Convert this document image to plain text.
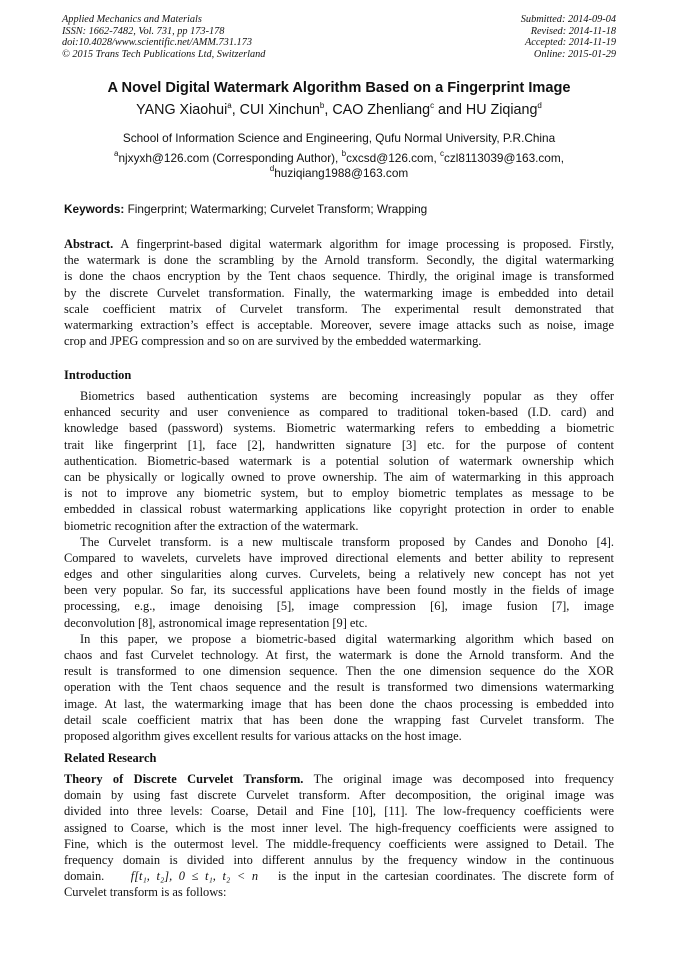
Applied Mechanics and Materials
ISSN: 1662-7482, Vol. 731, pp 173-178
doi:10.4028/www.scientific.net/AMM.731.173
© 2015 Trans Tech Publications Ltd, Switzerland
Submitted: 2014-09-04
Revised: 2014-11-18
Accepted: 2014-11-19
Online: 2015-01-29
A Novel Digital Watermark Algorithm Based on a Fingerprint Image
YANG Xiaohui$^a$, CUI Xinchun$^b$, CAO Zhenliang$^c$ and HU Ziqiang$^d$
School of Information Science and Engineering, Qufu Normal University, P.R.China
$^a$njxyxh@126.com (Corresponding Author), $^b$cxcsd@126.com, $^c$czl8113039@163.com,
$^d$huziqiang1988@163.com
Keywords: Fingerprint; Watermarking; Curvelet Transform; Wrapping
Abstract. A fingerprint-based digital watermark algorithm for image processing is proposed. Firstly,
the watermark is done the scrambling by the Arnold transform. Secondly, the digital watermarking
is done the chaos encryption by the Tent chaos sequence. Thirdly, the original image is transformed
by the discrete Curvelet transformation. Finally, the watermarking image is embedded into detail
scale coefficient matrix of Curvelet transform. The experimental result demonstrated that
watermarking extraction’s effect is acceptable. Moreover, severe image attacks such as noise, image
crop and JPEG compression and so on are survived by the embedded watermarking.
Introduction
Biometrics based authentication systems are becoming increasingly popular as they offer
enhanced security and user convenience as compared to traditional token-based (I.D. card) and
knowledge based (password) systems. Biometric watermarking refers to embedding a biometric
trait like fingerprint [1], face [2], handwritten signature [3] etc. for the purpose of content
authentication. Biometric-based watermark is a potential solution of watermark ownership which
can be physically or logically owned to prove ownership. The aim of watermarking in this approach
is not to improve any biometric system, but to employ biometric templates as message to be
embedded in classical robust watermarking applications like copyright protection in order to enable
biometric recognition after the extraction of the watermark.
The Curvelet transform. is a new multiscale transform proposed by Candes and Donoho [4].
Compared to wavelets, curvelets have improved directional elements and better ability to represent
edges and other singularities along curves. Curvelets, being a relatively new concept has not yet
been very popular. So far, its successful applications have been found mostly in the fields of image
processing, e.g., image denoising [5], image compression [6], image fusion [7], image
deconvolution [8], astronomical image representation [9] etc.
In this paper, we propose a biometric-based digital watermarking algorithm which based on
chaos and fast Curvelet technology. At first, the watermark is done the Arnold transform. And the
result is transformed to one dimension sequence. Then the one dimension sequence do the XOR
operation with the Tent chaos sequence and the result is transformed two dimensions watermarking
image. At last, the watermarking image that has been done the chaos processing is embedded into
detail scale coefficient matrix that has been done the wrapping fast Curvelet transform. The
proposed algorithm gives excellent results for various attacks on the host image.
Related Research
Theory of Discrete Curvelet Transform. The original image was decomposed into frequency
domain by using fast discrete Curvelet transform. After decomposition, the original image was
divided into three levels: Coarse, Detail and Fine [10], [11]. The low-frequency coefficients were
assigned to Coarse, which is the most inner level. The high-frequency coefficients were assigned to
Fine, which is the outermost level. The middle-frequency coefficients were assigned to Detail. The
frequency domain is divided into different annulus by the frequency window in the continuous
domain. f[t₁, t₂], 0 ≤ t₁, t₂ < n is the input in the cartesian coordinates. The discrete form of
Curvelet transform is as follows:
